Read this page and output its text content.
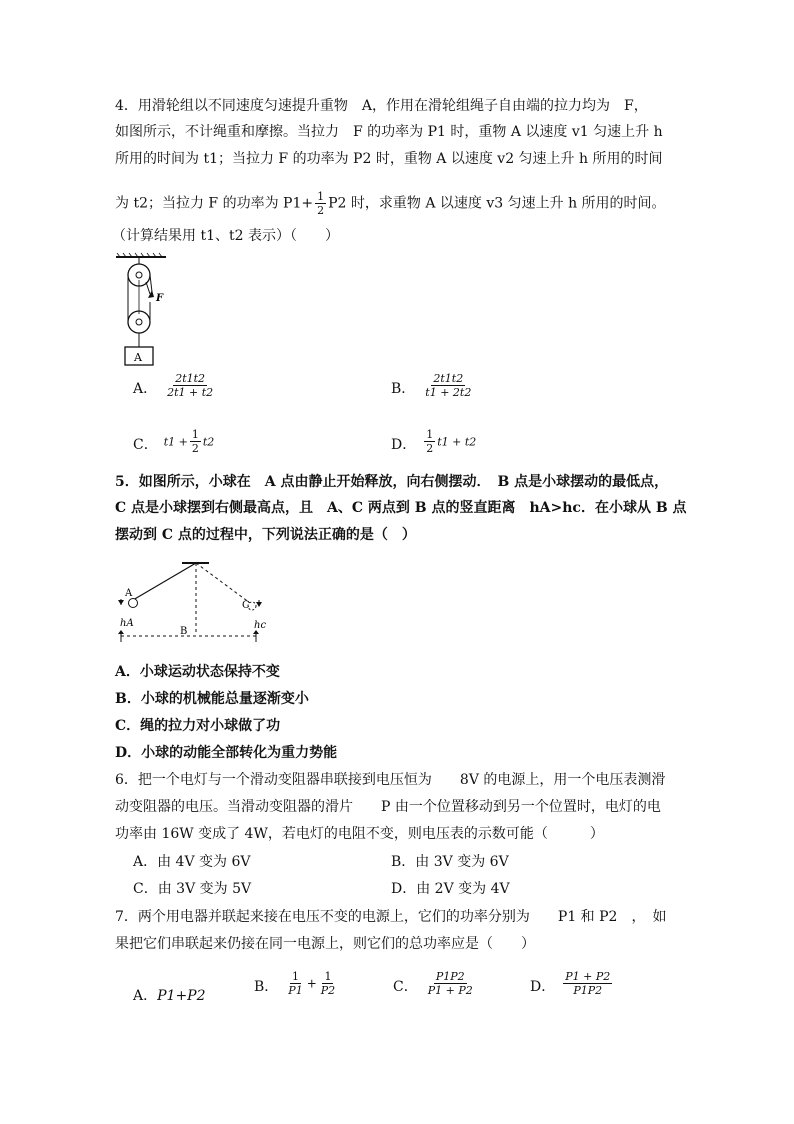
4．用滑轮组以不同速度匀速提升重物　A，作用在滑轮组绳子自由端的拉力均为　F，
如图所示，不计绳重和摩擦。当拉力　F 的功率为 P1 时，重物 A 以速度 v1 匀速上升 h
所用的时间为 t1；当拉力 F 的功率为 P2 时，重物 A 以速度 v2 匀速上升 h 所用的时间
为 t2；当拉力 F 的功率为 $P1+ \frac{1}{2} P2$ 时，求重物 A 以速度 v3 匀速上升 h 所用的时间。
（计算结果用 t1、t2 表示）（　　）
F
A
A． $\frac{2t1t2}{2t1 + t2}$	B． $\frac{2t1t2}{t1 + 2t2}$
C． $t1 + \frac{1}{2} t2$	D． $\frac{1}{2} t1 + t2$
5．如图所示，小球在　A 点由静止开始释放，向右侧摆动．　B 点是小球摆动的最低点，
C 点是小球摆到右侧最高点，且　A、C 两点到 B 点的竖直距离　hA>hc．在小球从 B 点
摆动到 C 点的过程中，下列说法正确的是（　）
A
C
hA	hc
B
A．小球运动状态保持不变
B．小球的机械能总量逐渐变小
C．绳的拉力对小球做了功
D．小球的动能全部转化为重力势能
6．把一个电灯与一个滑动变阻器串联接到电压恒为　　8V 的电源上，用一个电压表测滑
动变阻器的电压。当滑动变阻器的滑片　　P 由一个位置移动到另一个位置时，电灯的电
功率由 16W 变成了 4W，若电灯的电阻不变，则电压表的示数可能（　　　）
A．由 4V 变为 6V	B．由 3V 变为 6V
C．由 3V 变为 5V	D．由 2V 变为 4V
7．两个用电器并联起来接在电压不变的电源上，它们的功率分别为　　P1 和 P2　，　如
果把它们串联起来仍接在同一电源上，则它们的总功率应是（　　）
A．P1+P2
B． $\frac{1}{P1} + \frac{1}{P2}$	C． $\frac{P1P2}{P1 + P2}$	D． $\frac{P1 + P2}{P1P2}$
